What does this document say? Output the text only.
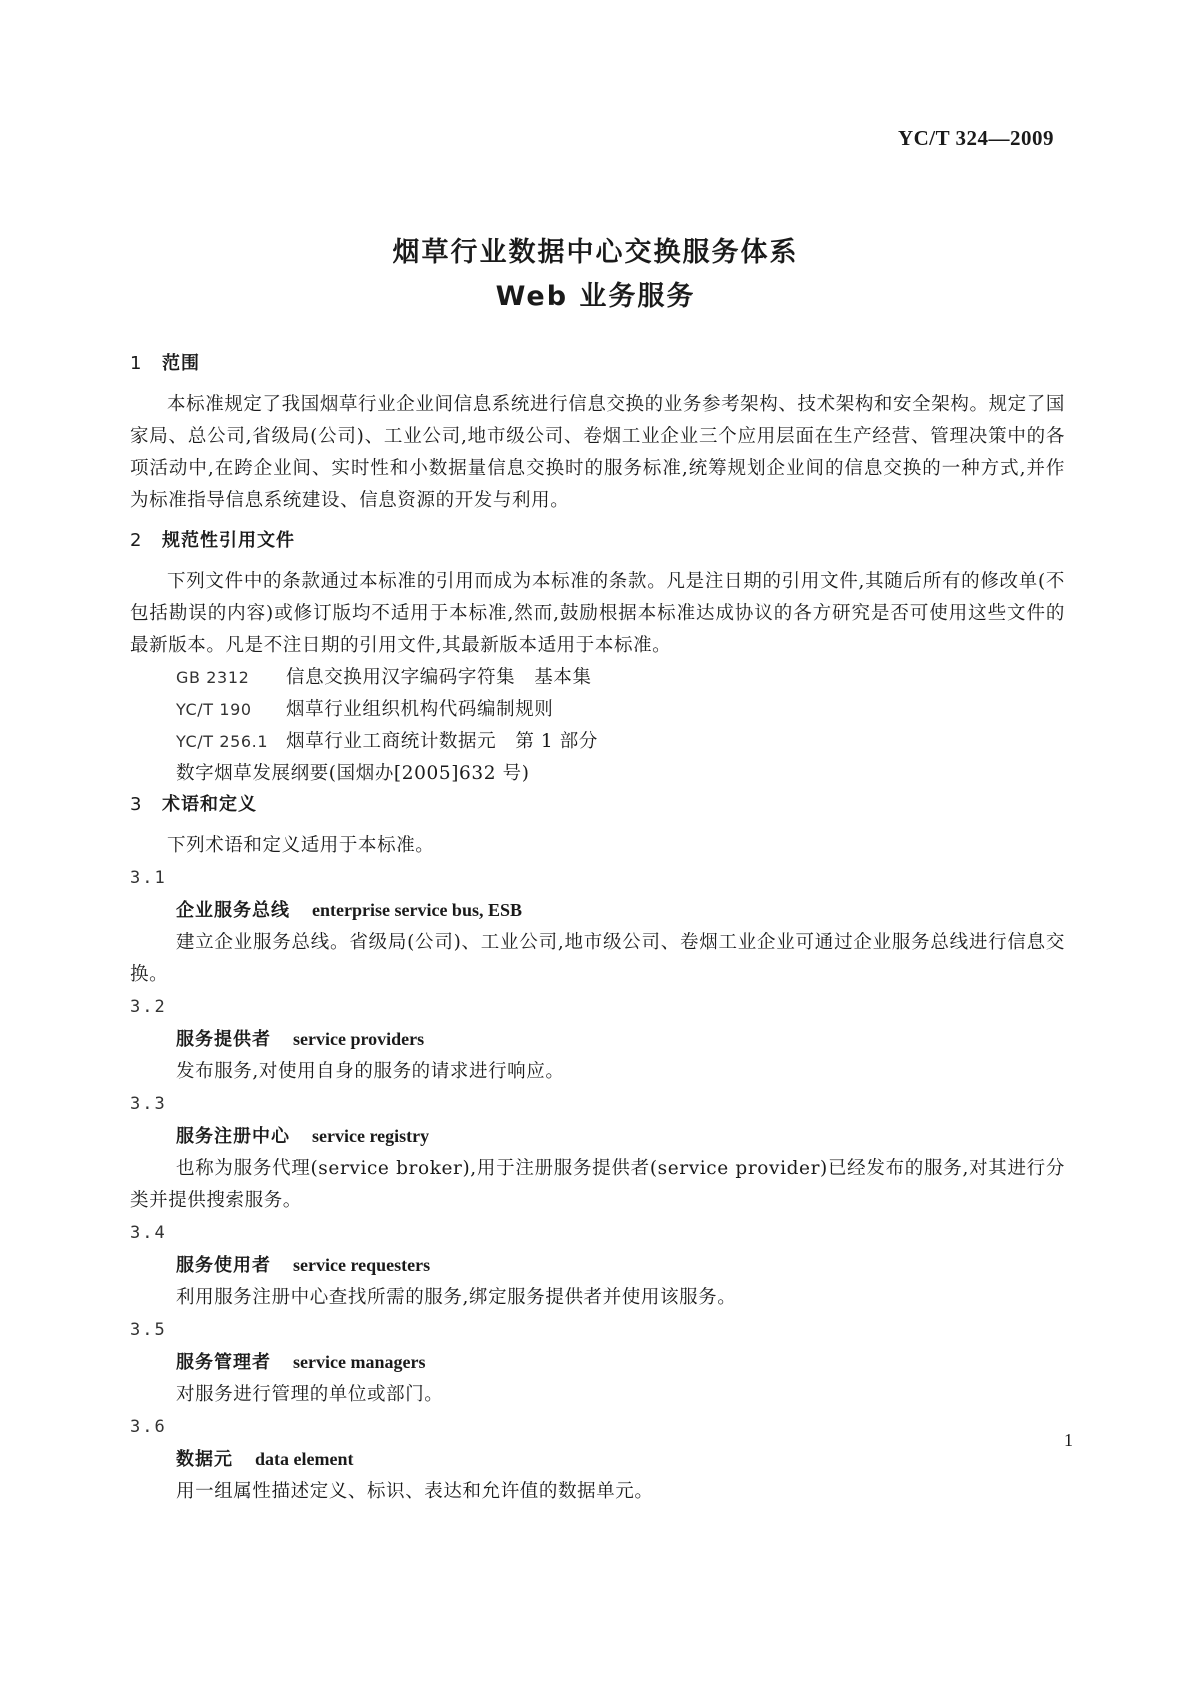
YC/T 324—2009
烟草行业数据中心交换服务体系
Web 业务服务
1 范围
本标准规定了我国烟草行业企业间信息系统进行信息交换的业务参考架构、技术架构和安全架构。规定了国家局、总公司,省级局(公司)、工业公司,地市级公司、卷烟工业企业三个应用层面在生产经营、管理决策中的各项活动中,在跨企业间、实时性和小数据量信息交换时的服务标准,统筹规划企业间的信息交换的一种方式,并作为标准指导信息系统建设、信息资源的开发与利用。
2 规范性引用文件
下列文件中的条款通过本标准的引用而成为本标准的条款。凡是注日期的引用文件,其随后所有的修改单(不包括勘误的内容)或修订版均不适用于本标准,然而,鼓励根据本标准达成协议的各方研究是否可使用这些文件的最新版本。凡是不注日期的引用文件,其最新版本适用于本标准。
GB 2312 信息交换用汉字编码字符集　基本集
YC/T 190 烟草行业组织机构代码编制规则
YC/T 256.1 烟草行业工商统计数据元　第 1 部分
数字烟草发展纲要(国烟办[2005]632 号)
3 术语和定义
下列术语和定义适用于本标准。
3.1
企业服务总线 enterprise service bus, ESB
建立企业服务总线。省级局(公司)、工业公司,地市级公司、卷烟工业企业可通过企业服务总线进行信息交换。
3.2
服务提供者 service providers
发布服务,对使用自身的服务的请求进行响应。
3.3
服务注册中心 service registry
也称为服务代理(service broker),用于注册服务提供者(service provider)已经发布的服务,对其进行分类并提供搜索服务。
3.4
服务使用者 service requesters
利用服务注册中心查找所需的服务,绑定服务提供者并使用该服务。
3.5
服务管理者 service managers
对服务进行管理的单位或部门。
3.6
数据元 data element
用一组属性描述定义、标识、表达和允许值的数据单元。
1
